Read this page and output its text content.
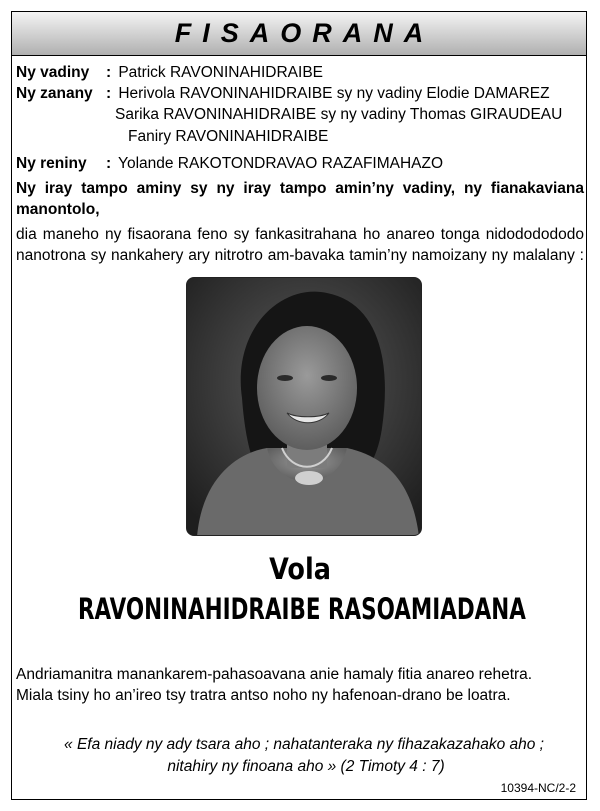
FISAORANA
Ny vadiny : Patrick RAVONINAHIDRAIBE
Ny zanany : Herivola RAVONINAHIDRAIBE sy ny vadiny Elodie DAMAREZ
Sarika RAVONINAHIDRAIBE sy ny vadiny Thomas GIRAUDEAU
Faniry RAVONINAHIDRAIBE
Ny reniny : Yolande RAKOTONDRAVAO RAZAFIMAHAZO
Ny iray tampo aminy sy ny iray tampo amin’ny vadiny, ny fianakaviana
manontolo,
dia maneho ny fisaorana feno sy fankasitrahana ho anareo tonga nidododododo
nanotrona sy nankahery ary nitrotro am-bavaka tamin’ny namoizany ny malalany :
Vola
RAVONINAHIDRAIBE RASOAMIADANA
Andriamanitra manankarem-pahasoavana anie hamaly fitia anareo rehetra.
Miala tsiny ho an’ireo tsy tratra antso noho ny hafenoan-drano be loatra.
« Efa niady ny ady tsara aho ; nahatanteraka ny fihazakazahako aho ;
nitahiry ny finoana aho » (2 Timoty 4 : 7)
10394-NC/2-2
